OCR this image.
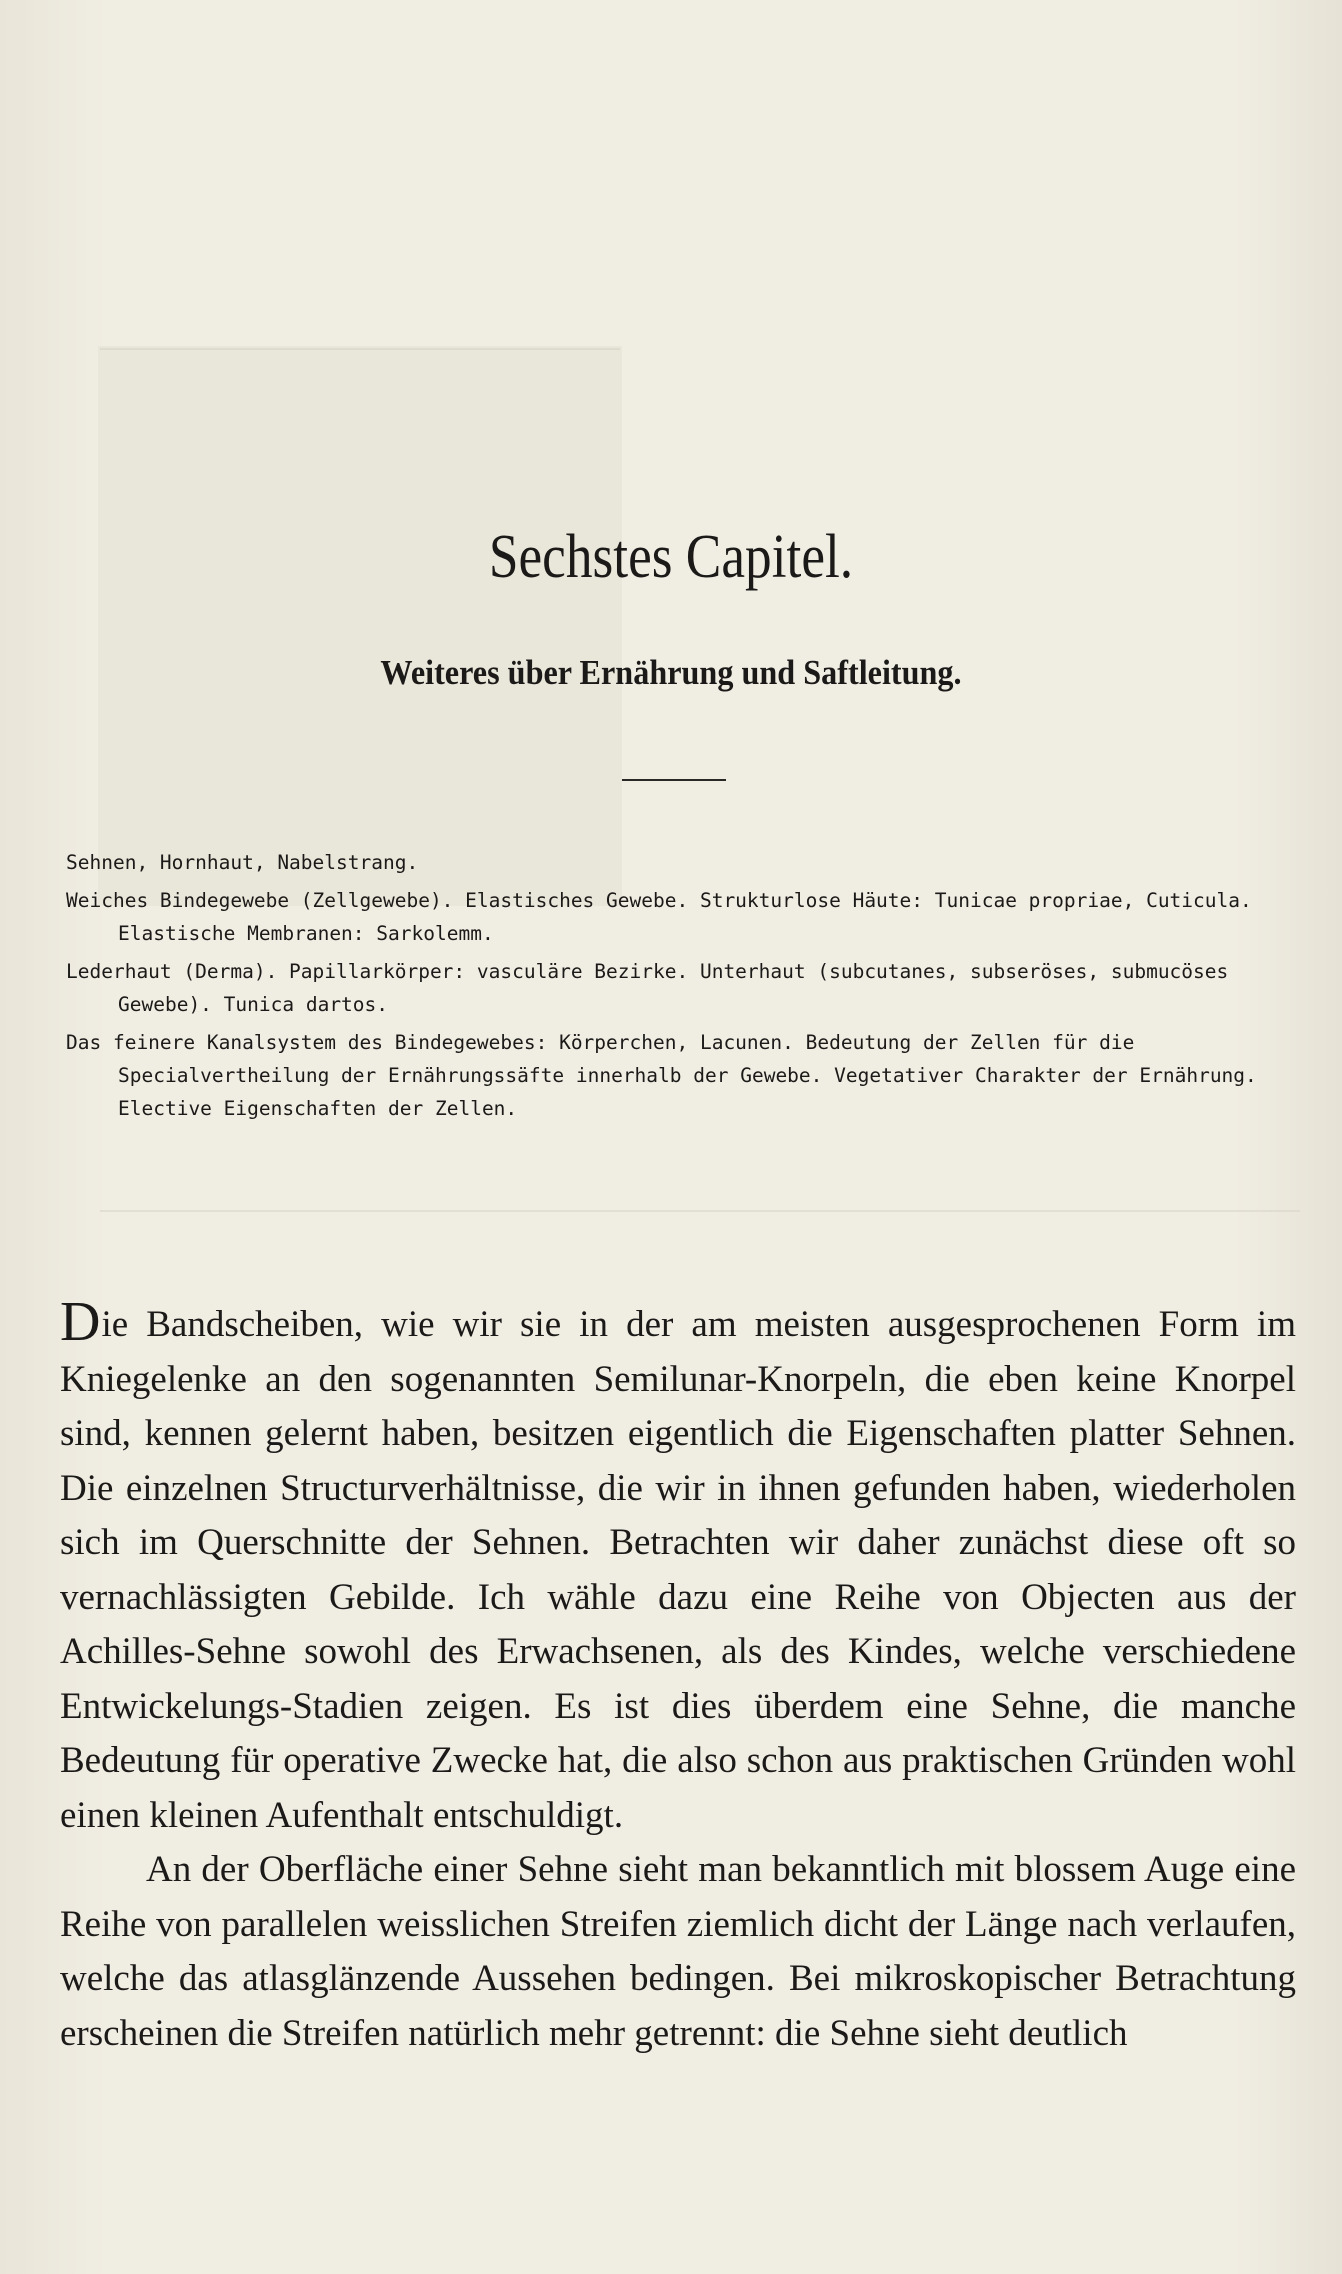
Sechstes Capitel.
Weiteres über Ernährung und Saftleitung.

Sehnen, Hornhaut, Nabelstrang.

Weiches Bindegewebe (Zellgewebe). Elastisches Gewebe. Strukturlose Häute: Tunicae propriae, Cuticula. Elastische Membranen: Sarkolemm.

Lederhaut (Derma). Papillarkörper: vasculäre Bezirke. Unterhaut (subcutanes, subseröses, submucöses Gewebe). Tunica dartos.

Das feinere Kanalsystem des Bindegewebes: Körperchen, Lacunen. Bedeutung der Zellen für die Specialvertheilung der Ernährungssäfte innerhalb der Gewebe. Vegetativer Charakter der Ernährung. Elective Eigenschaften der Zellen.

Die Bandscheiben, wie wir sie in der am meisten ausgesprochenen Form im Kniegelenke an den sogenannten Semilunar-Knorpeln, die eben keine Knorpel sind, kennen gelernt haben, besitzen eigentlich die Eigenschaften platter Sehnen. Die einzelnen Structurverhältnisse, die wir in ihnen gefunden haben, wiederholen sich im Querschnitte der Sehnen. Betrachten wir daher zunächst diese oft so vernachlässigten Gebilde. Ich wähle dazu eine Reihe von Objecten aus der Achilles-Sehne sowohl des Erwachsenen, als des Kindes, welche verschiedene Entwickelungs-Stadien zeigen. Es ist dies überdem eine Sehne, die manche Bedeutung für operative Zwecke hat, die also schon aus praktischen Gründen wohl einen kleinen Aufenthalt entschuldigt.

An der Oberfläche einer Sehne sieht man bekanntlich mit blossem Auge eine Reihe von parallelen weisslichen Streifen ziemlich dicht der Länge nach verlaufen, welche das atlasglänzende Aussehen bedingen. Bei mikroskopischer Betrachtung erscheinen die Streifen natürlich mehr getrennt: die Sehne sieht deutlich
